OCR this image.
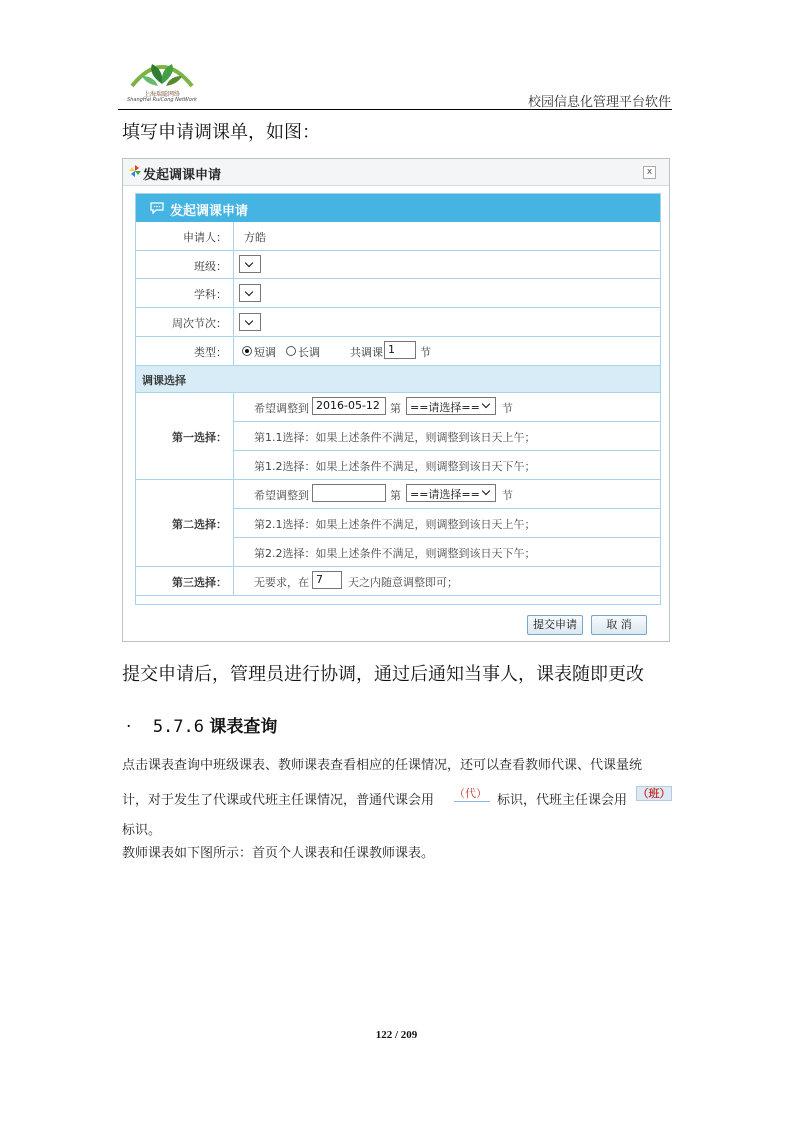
上海瑞聪网络
ShangHai RuiCong NetWork	校园信息化管理平台软件
填写申请调课单，如图：
发起调课申请	x
发起调课申请
申请人：	方皓
班级：
学科：
周次节次：
类型：	短调 长调	共调课 1	节
调课选择
第一选择：
希望调整到 2016-05-12 第 ==请选择==	节
第1.1选择：如果上述条件不满足，则调整到该日天上午；
第1.2选择：如果上述条件不满足，则调整到该日天下午；
第二选择：
希望调整到	第 ==请选择==	节
第2.1选择：如果上述条件不满足，则调整到该日天上午；
第2.2选择：如果上述条件不满足，则调整到该日天下午；
第三选择：	无要求，在 7	天之内随意调整即可；
提交申请	取 消
提交申请后，管理员进行协调，通过后通知当事人，课表随即更改
· 5.7.6 课表查询
点击课表查询中班级课表、教师课表查看相应的任课情况，还可以查看教师代课、代课量统
计，对于发生了代课或代班主任课情况，普通代课会用 （代） 标识，代班主任课会用 （班）
标识。
教师课表如下图所示：首页个人课表和任课教师课表。
122 / 209
